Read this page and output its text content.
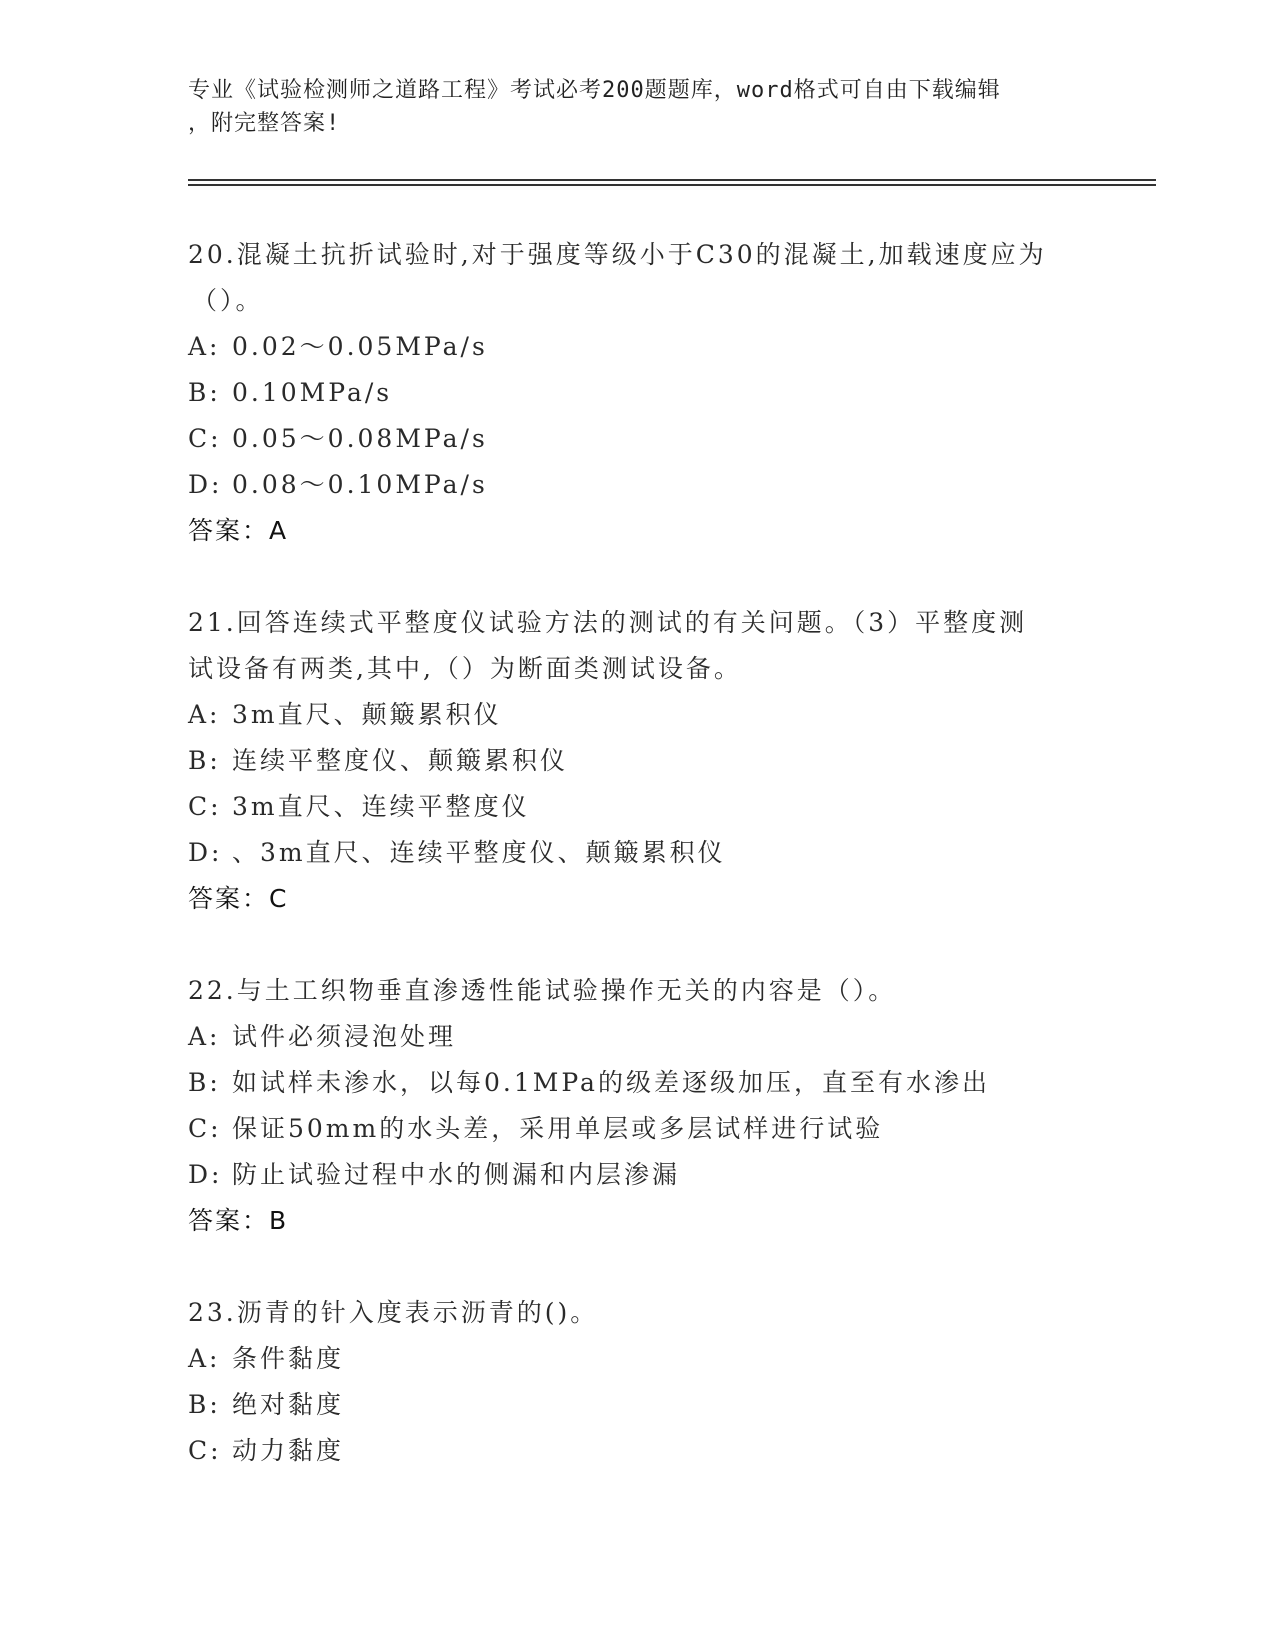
专业《试验检测师之道路工程》考试必考200题题库，word格式可自由下载编辑
，附完整答案!
20.混凝土抗折试验时,对于强度等级小于C30的混凝土,加载速度应为
（）。
A: 0.02～0.05MPa/s
B: 0.10MPa/s
C: 0.05～0.08MPa/s
D: 0.08～0.10MPa/s
答案：A
21.回答连续式平整度仪试验方法的测试的有关问题。（3）平整度测
试设备有两类,其中,（）为断面类测试设备。
A: 3m直尺、颠簸累积仪
B: 连续平整度仪、颠簸累积仪
C: 3m直尺、连续平整度仪
D: 、3m直尺、连续平整度仪、颠簸累积仪
答案：C
22.与土工织物垂直渗透性能试验操作无关的内容是（）。
A: 试件必须浸泡处理
B: 如试样未渗水，以每0.1MPa的级差逐级加压，直至有水渗出
C: 保证50mm的水头差，采用单层或多层试样进行试验
D: 防止试验过程中水的侧漏和内层渗漏
答案：B
23.沥青的针入度表示沥青的()。
A: 条件黏度
B: 绝对黏度
C: 动力黏度
